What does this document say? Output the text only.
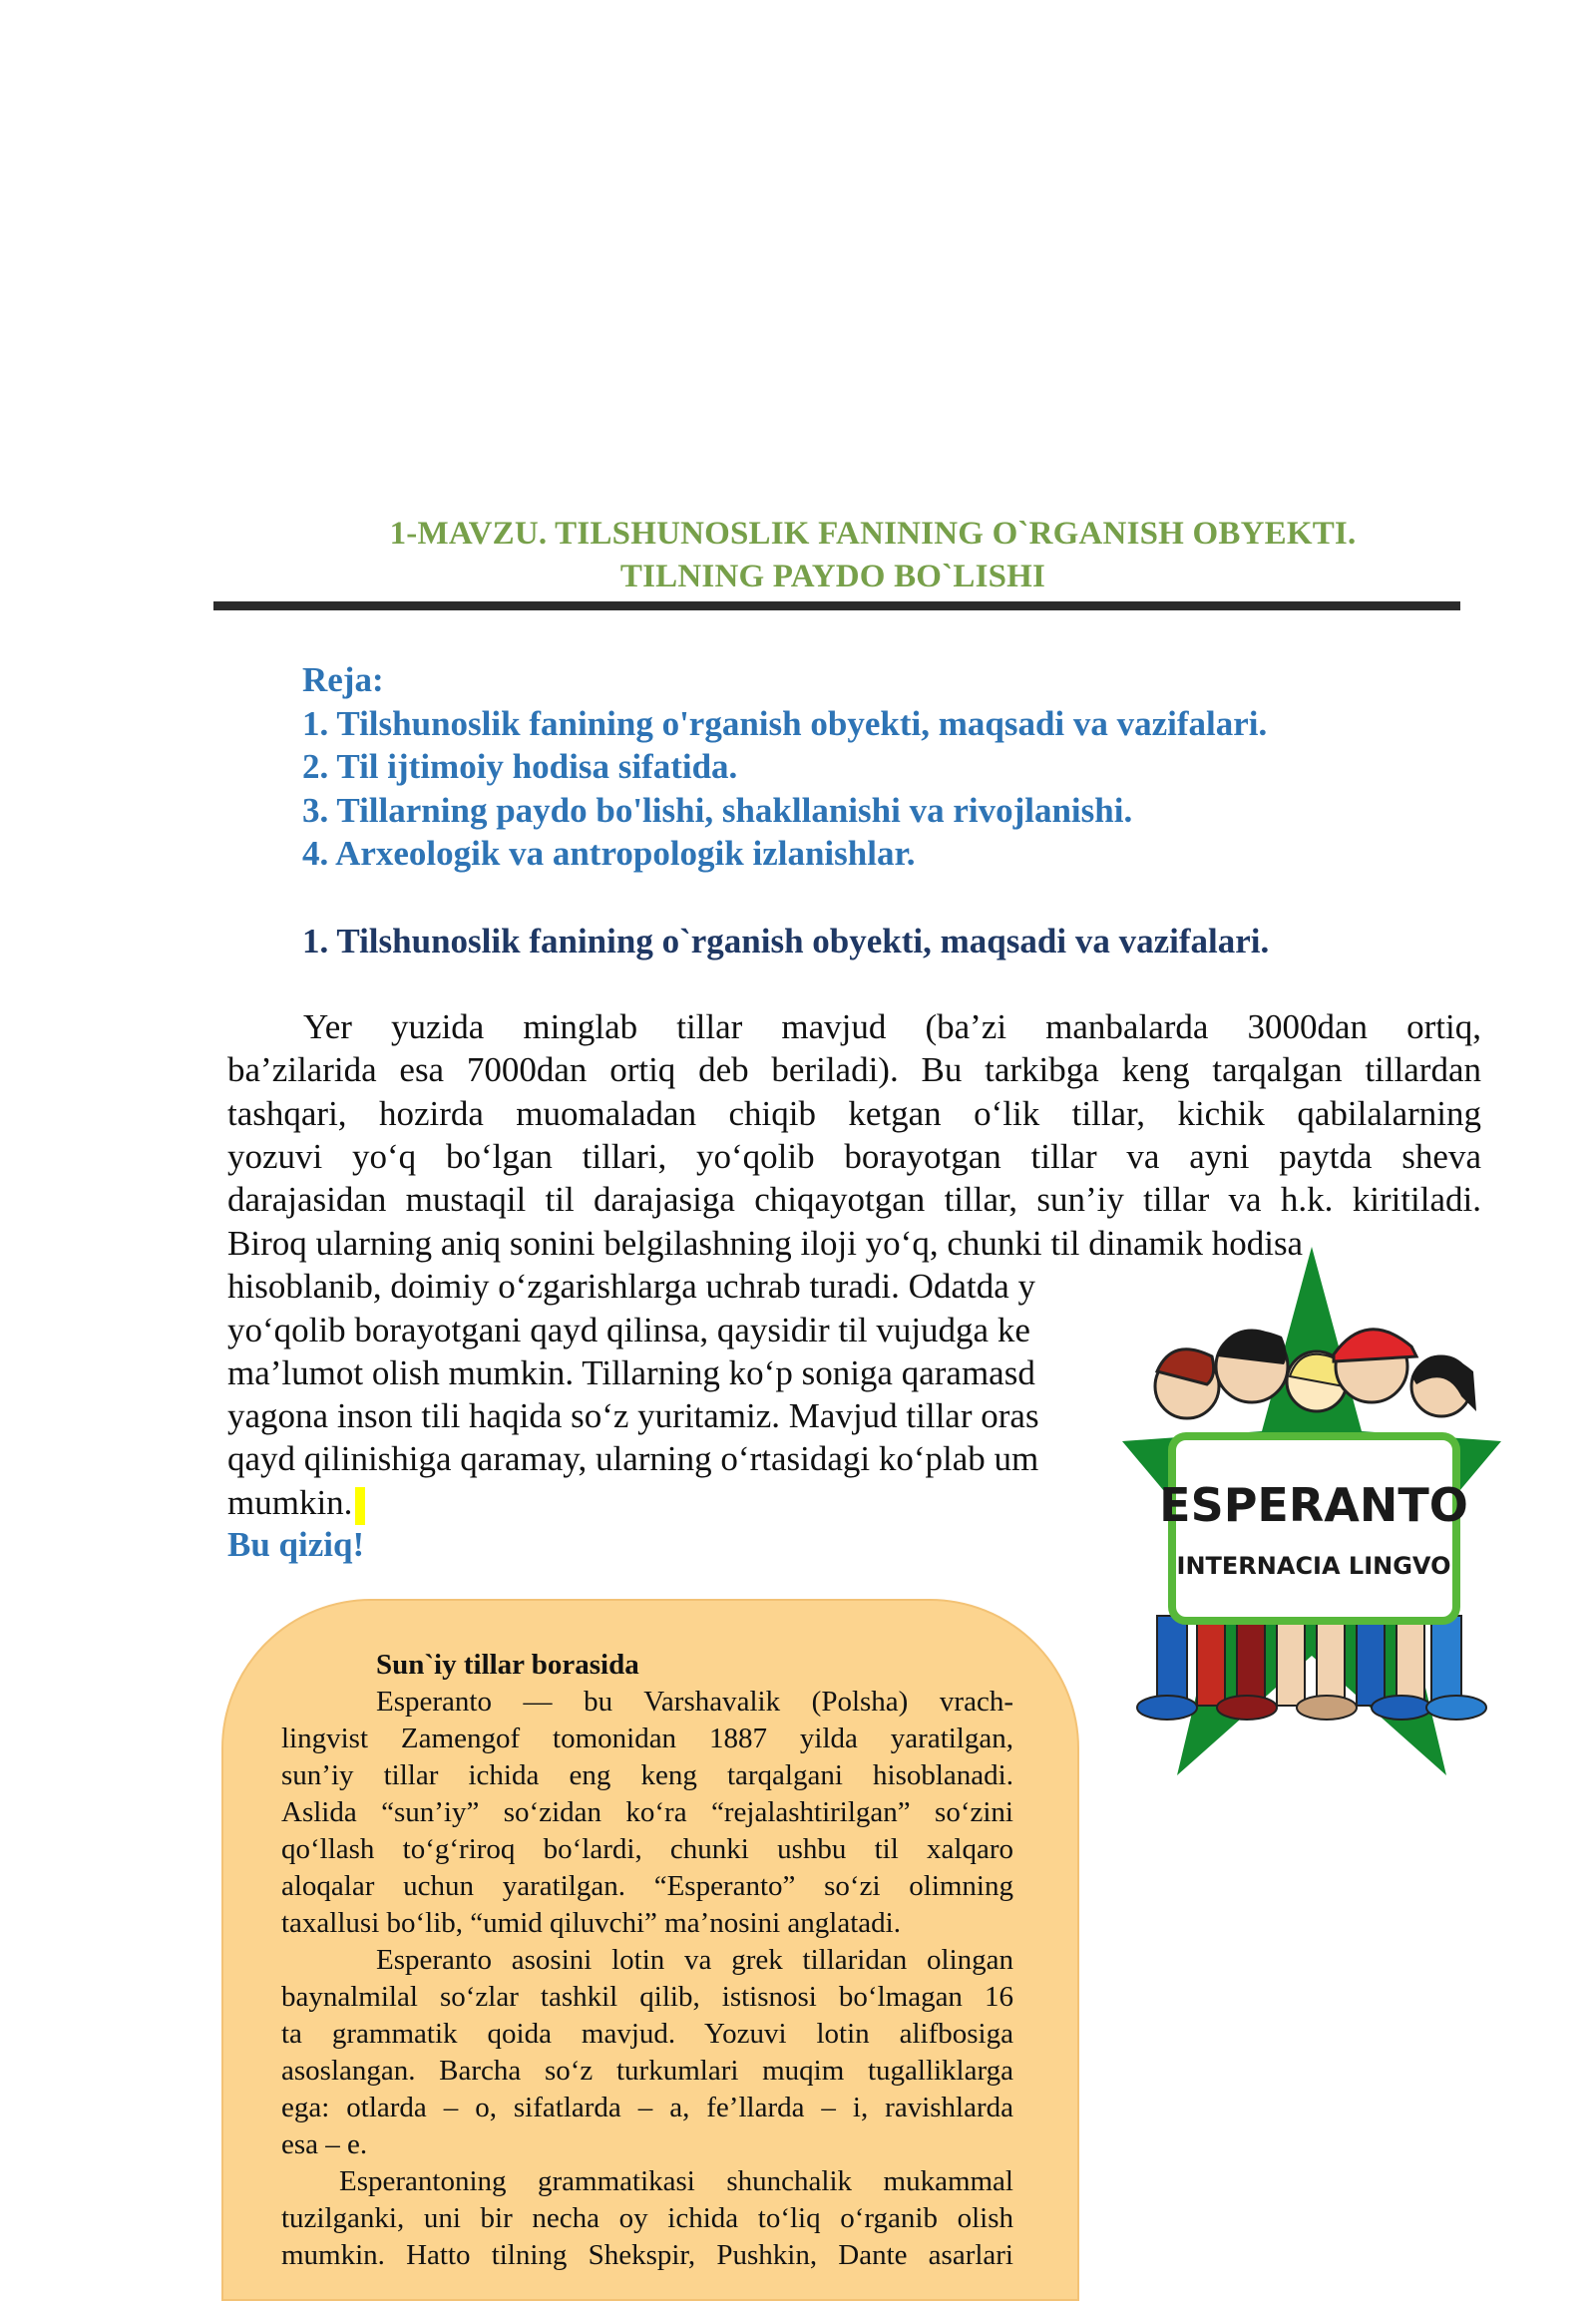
1-MAVZU. TILSHUNOSLIK FANINING O`RGANISH OBYEKTI.
TILNING PAYDO BO`LISHI
Reja:
1. Tilshunoslik fanining o'rganish obyekti, maqsadi va vazifalari.
2. Til ijtimoiy hodisa sifatida.
3. Tillarning paydo bo'lishi, shakllanishi va rivojlanishi.
4. Arxeologik va antropologik izlanishlar.
1. Tilshunoslik fanining o`rganish obyekti, maqsadi va vazifalari.
Yer yuzida minglab tillar mavjud (ba’zi manbalarda 3000dan ortiq,
ba’zilarida esa 7000dan ortiq deb beriladi). Bu tarkibga keng tarqalgan tillardan
tashqari, hozirda muomaladan chiqib ketgan o‘lik tillar, kichik qabilalarning
yozuvi yo‘q bo‘lgan tillari, yo‘qolib borayotgan tillar va ayni paytda sheva
darajasidan mustaqil til darajasiga chiqayotgan tillar, sun’iy tillar va h.k. kiritiladi.
Biroq ularning aniq sonini belgilashning iloji yo‘q, chunki til dinamik hodisa
hisoblanib, doimiy o‘zgarishlarga uchrab turadi. Odatda y
yo‘qolib borayotgani qayd qilinsa, qaysidir til vujudga ke
ma’lumot olish mumkin. Tillarning ko‘p soniga qaramasd
yagona inson tili haqida so‘z yuritamiz. Mavjud tillar oras
qayd qilinishiga qaramay, ularning o‘rtasidagi ko‘plab um
mumkin.
Bu qiziq!
Sun`iy tillar borasida
Esperanto — bu Varshavalik (Polsha) vrach-
lingvist Zamengof tomonidan 1887 yilda yaratilgan,
sun’iy tillar ichida eng keng tarqalgani hisoblanadi.
Aslida “sun’iy” so‘zidan ko‘ra “rejalashtirilgan” so‘zini
qo‘llash to‘g‘riroq bo‘lardi, chunki ushbu til xalqaro
aloqalar uchun yaratilgan. “Esperanto” so‘zi olimning
taxallusi bo‘lib, “umid qiluvchi” ma’nosini anglatadi.
Esperanto asosini lotin va grek tillaridan olingan
baynalmilal so‘zlar tashkil qilib, istisnosi bo‘lmagan 16
ta grammatik qoida mavjud. Yozuvi lotin alifbosiga
asoslangan. Barcha so‘z turkumlari muqim tugalliklarga
ega: otlarda – o, sifatlarda – a, fe’llarda – i, ravishlarda
esa – e.
Esperantoning grammatikasi shunchalik mukammal
tuzilganki, uni bir necha oy ichida to‘liq o‘rganib olish
mumkin. Hatto tilning Shekspir, Pushkin, Dante asarlari
ESPERANTO
INTERNACIA LINGVO
